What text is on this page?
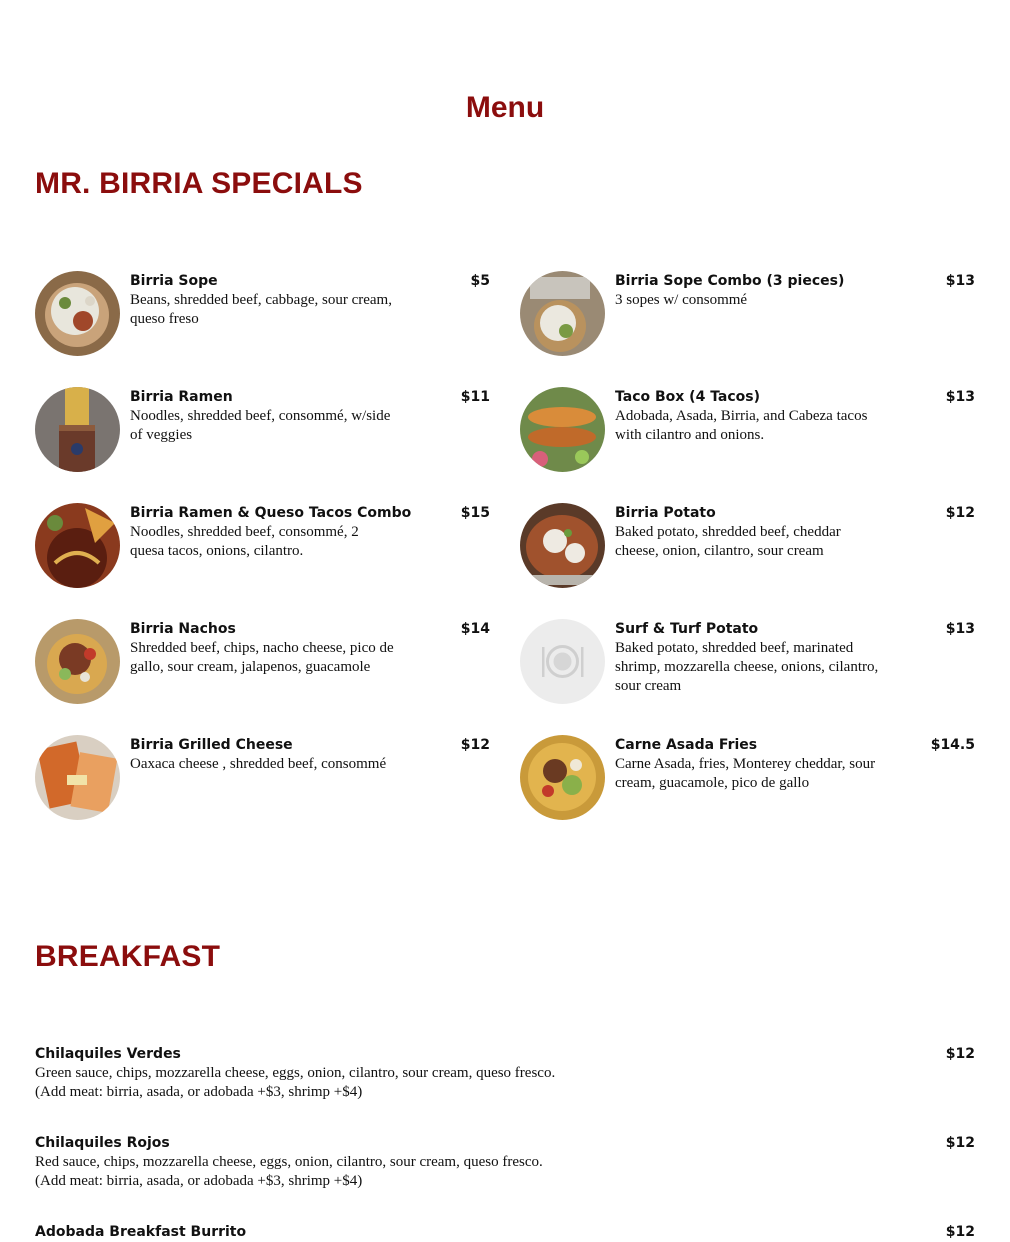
Menu
MR. BIRRIA SPECIALS
Birria Sope
Beans, shredded beef, cabbage, sour cream, queso freso
$5	Birria Sope Combo (3 pieces)
3 sopes w/ consommé
$13
Birria Ramen
Noodles, shredded beef, consommé, w/side of veggies
$11	Taco Box (4 Tacos)
Adobada, Asada, Birria, and Cabeza tacos with cilantro and onions.
$13
Birria Ramen & Queso Tacos Combo
Noodles, shredded beef, consommé, 2 quesa tacos, onions, cilantro.
$15	Birria Potato
Baked potato, shredded beef, cheddar cheese, onion, cilantro, sour cream
$12
Birria Nachos
Shredded beef, chips, nacho cheese, pico de gallo, sour cream, jalapenos, guacamole
$14	Surf & Turf Potato
Baked potato, shredded beef, marinated shrimp, mozzarella cheese, onions, cilantro, sour cream
$13
Birria Grilled Cheese
Oaxaca cheese , shredded beef, consommé
$12	Carne Asada Fries
Carne Asada, fries, Monterey cheddar, sour cream, guacamole, pico de gallo
$14.5
BREAKFAST
Chilaquiles Verdes
Green sauce, chips, mozzarella cheese, eggs, onion, cilantro, sour cream, queso fresco.
(Add meat: birria, asada, or adobada +$3, shrimp +$4)
$12
Chilaquiles Rojos
Red sauce, chips, mozzarella cheese, eggs, onion, cilantro, sour cream, queso fresco.
(Add meat: birria, asada, or adobada +$3, shrimp +$4)
$12
Adobada Breakfast Burrito	$12
